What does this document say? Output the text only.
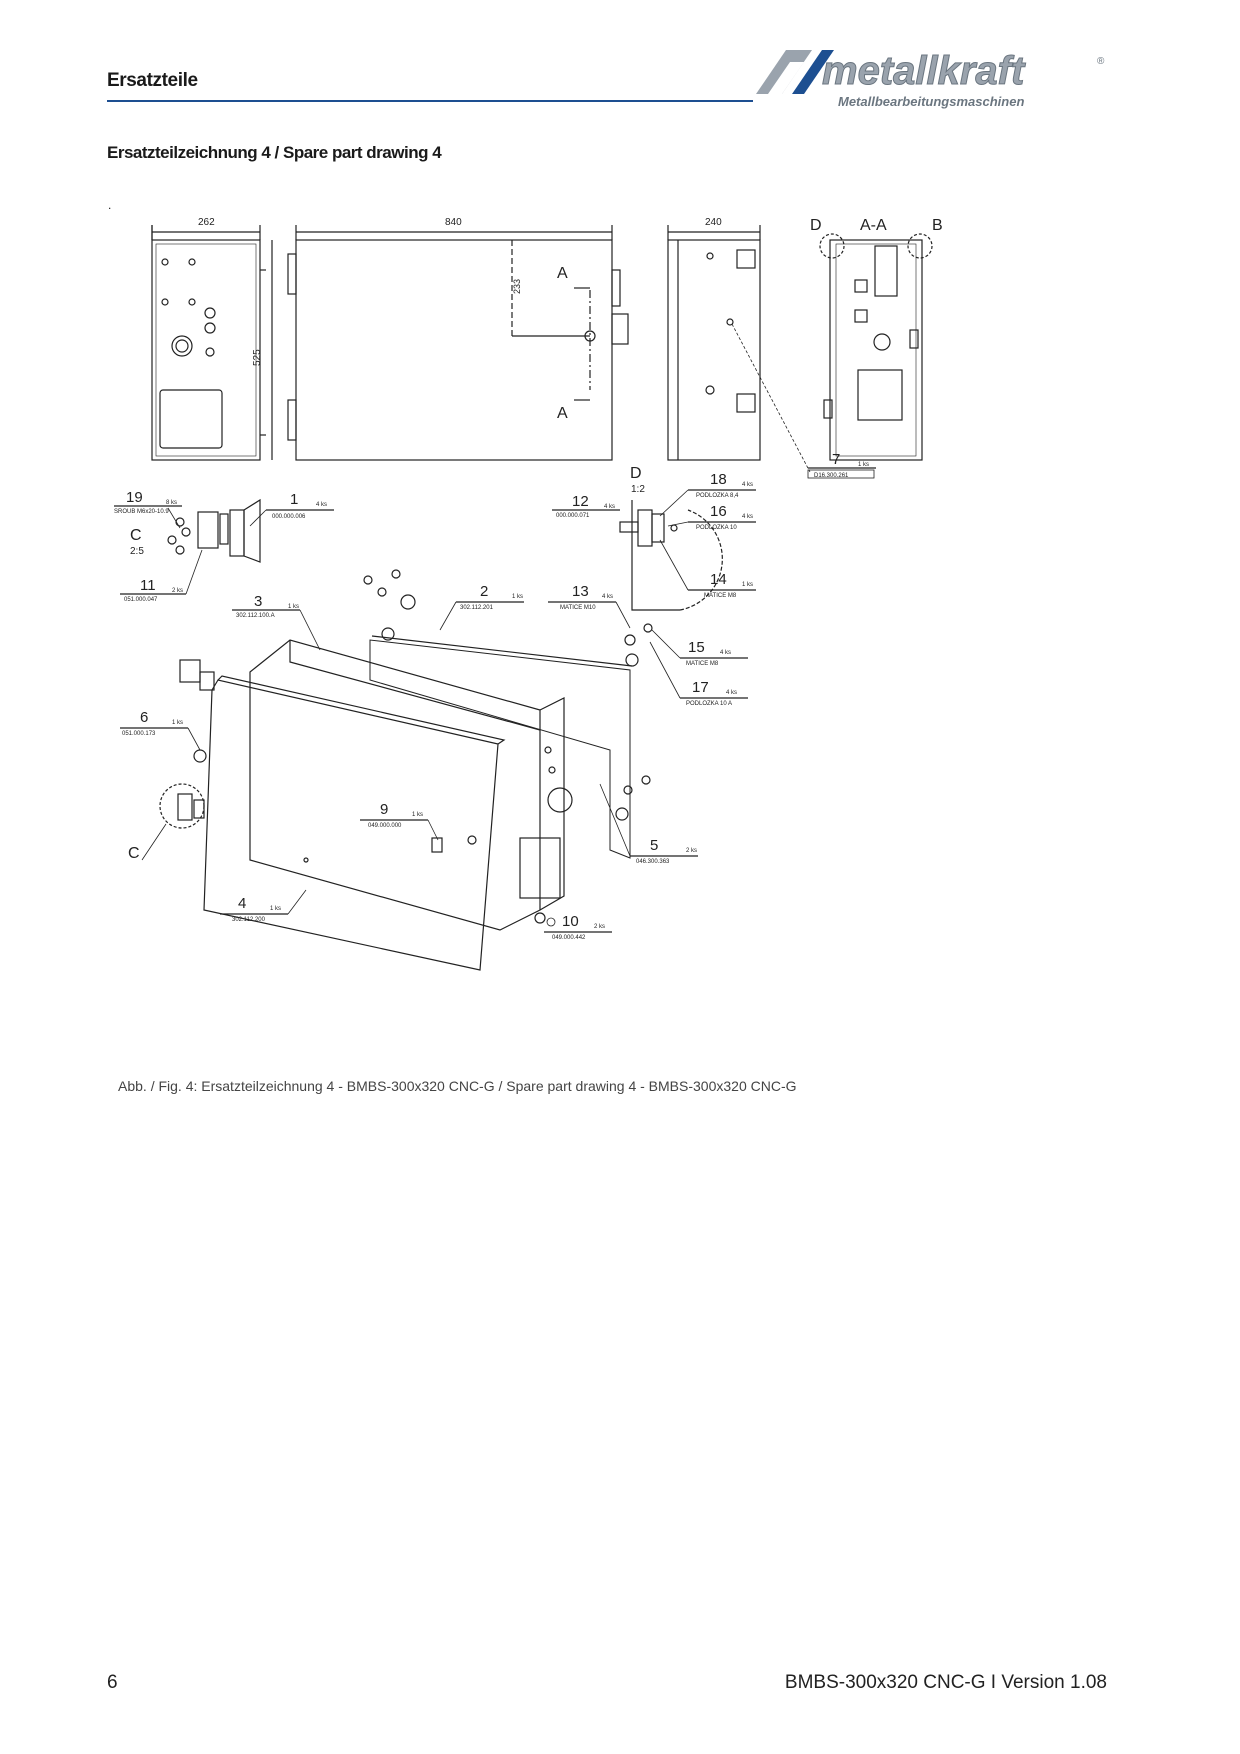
Ersatzteile	metallkraft	®
Metallbearbeitungsmaschinen
Ersatzteilzeichnung 4 / Spare part drawing 4
.
262	840
525
233
A
A
240	A-A
D	B
7	1 ks
D16.300.261
C
2:5
19	8 ks
SROUB M6x20-10.9
1	4 ks
000.000.006
11	2 ks
051.000.047
D
1:2
12	4 ks
000.000.071
18	4 ks
PODLOZKA 8,4
16	4 ks
PODLOZKA 10
14	1 ks
MATICE M8
3	1 ks
302.112.100.A
2	1 ks
302.112.201
13 4 ks
MATICE M10
15	4 ks
MATICE M8
17	4 ks
PODLOZKA 10 A
6	1 ks
051.000.173
C
9	1 ks
049.000.000
5	2 ks
046.300.363
4	1 ks
302.112.200	10	2 ks
049.000.442
Abb. / Fig. 4: Ersatzteilzeichnung 4 - BMBS-300x320 CNC-G / Spare part drawing 4 - BMBS-300x320 CNC-G
6	BMBS-300x320 CNC-G I Version 1.08
